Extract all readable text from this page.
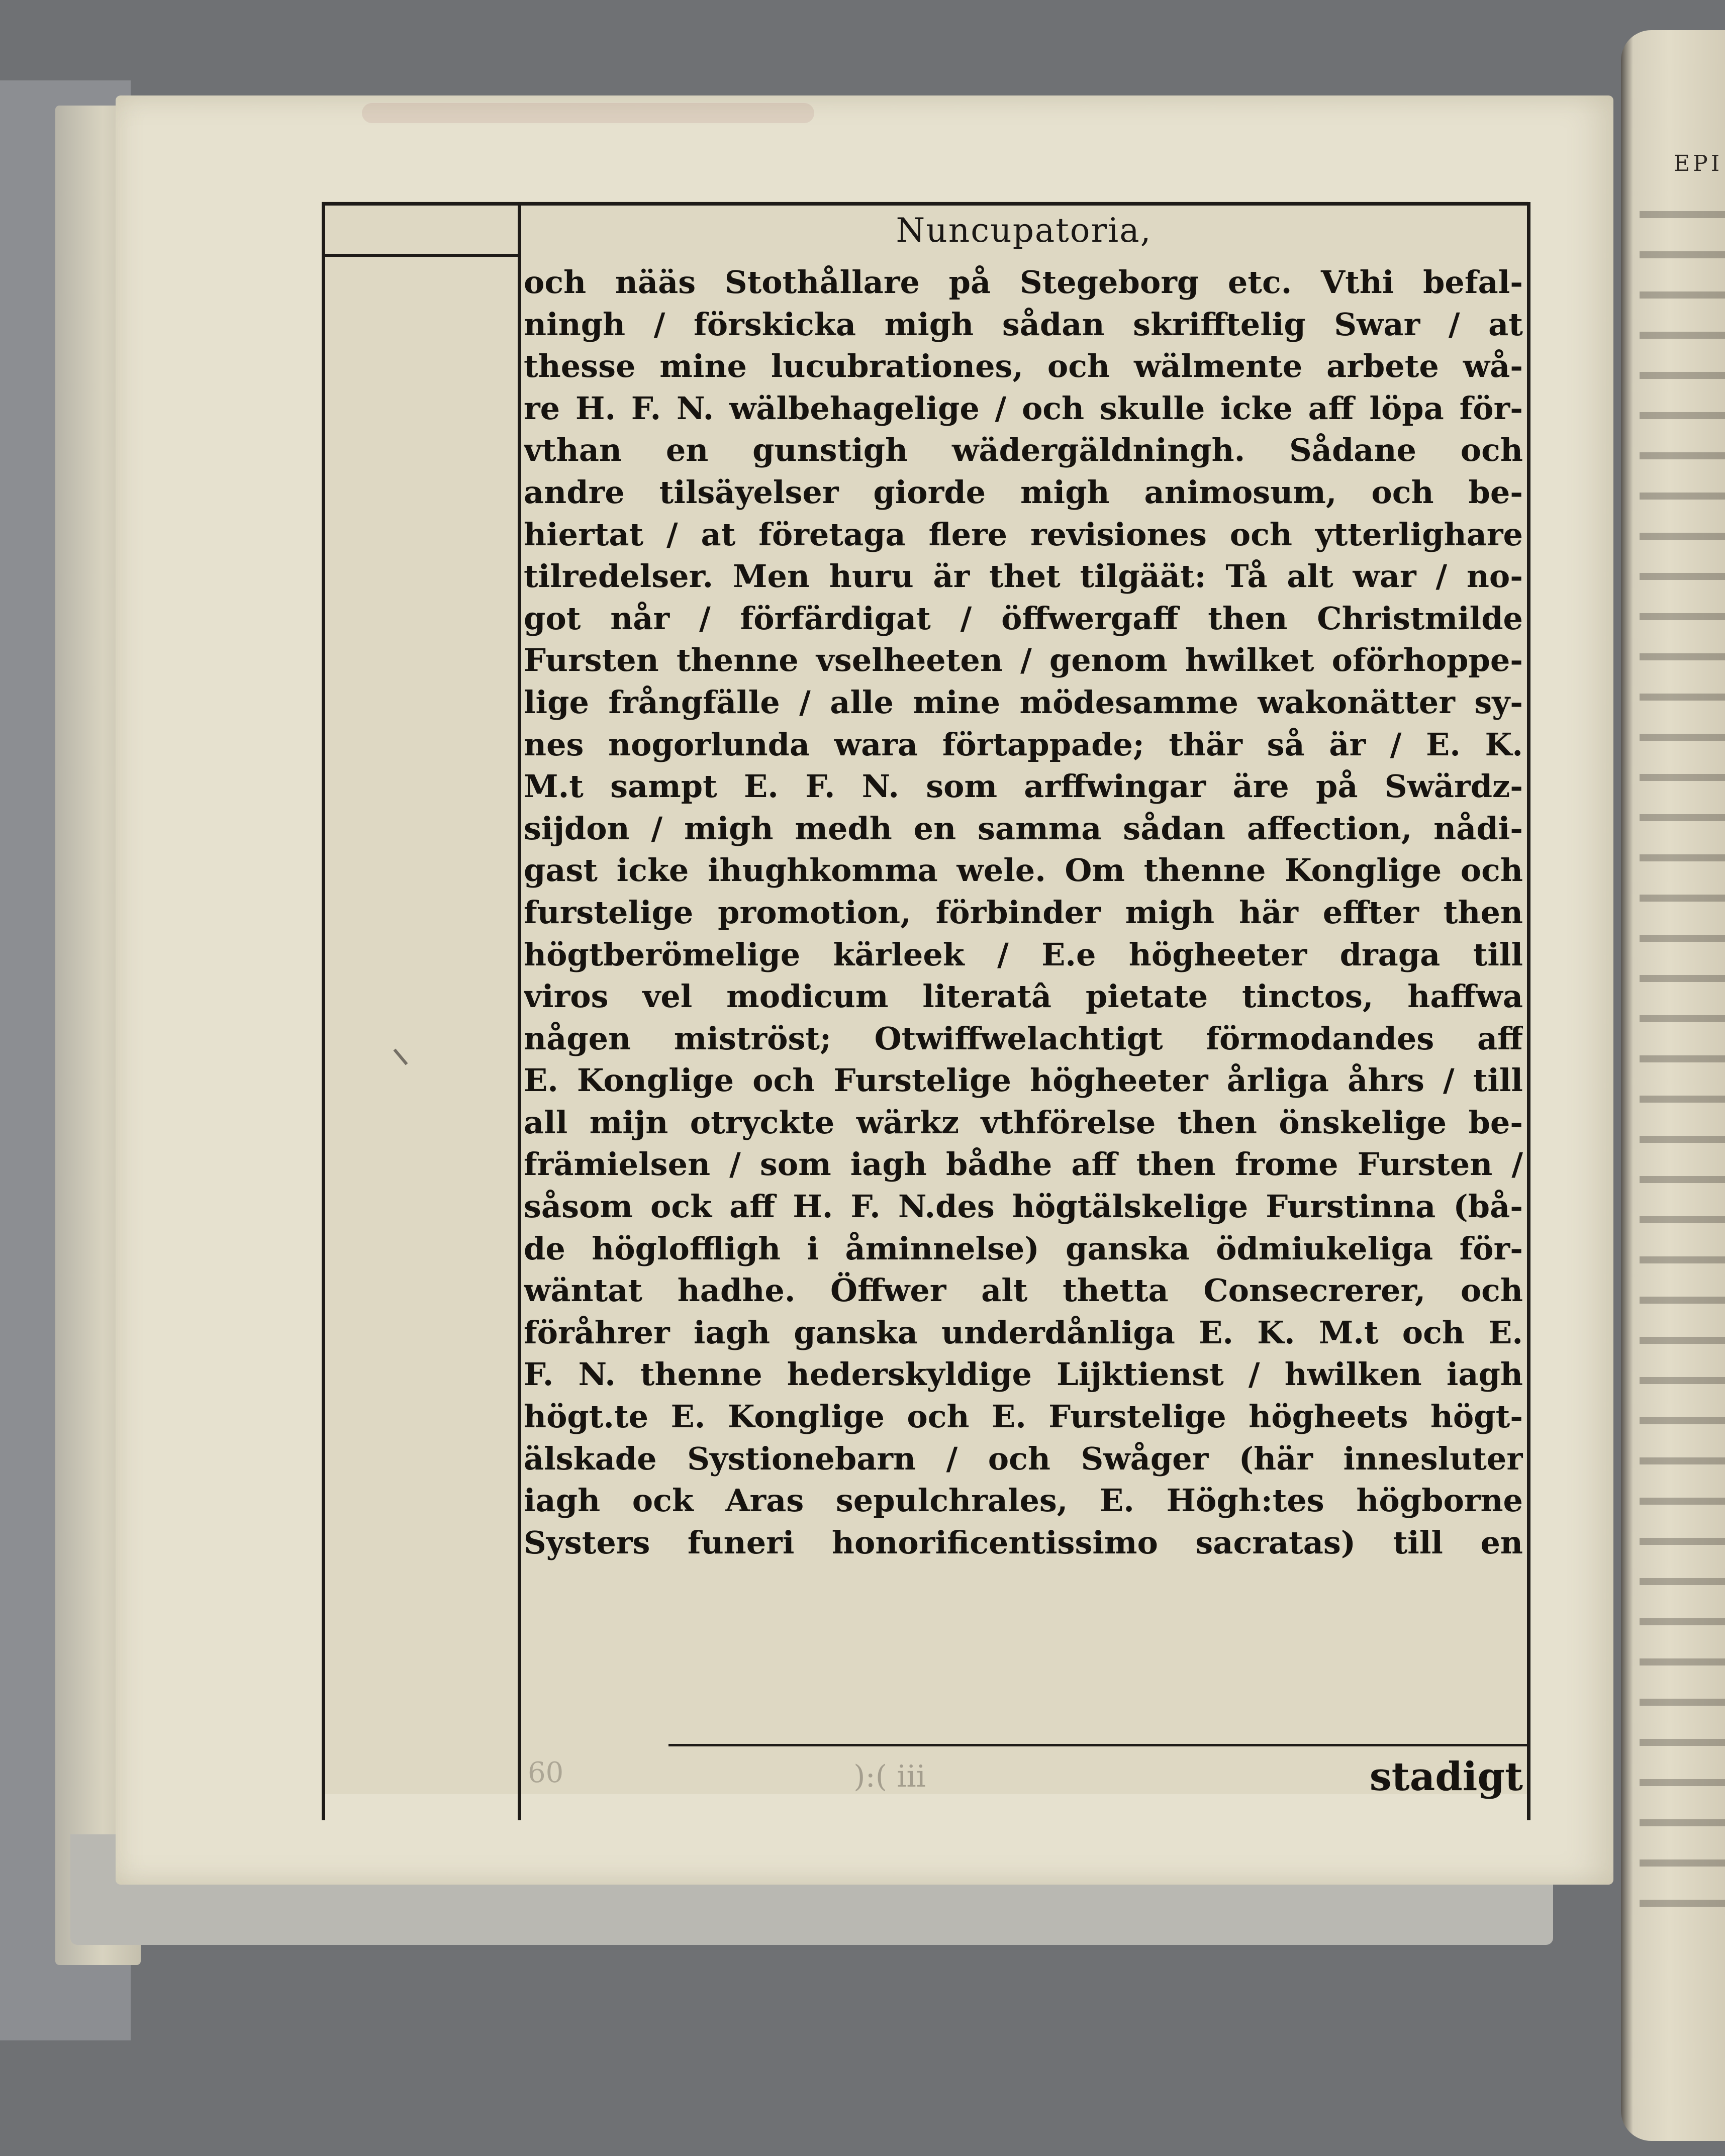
EPI
Nuncupatoria,
och nääs Stothållare på Stegeborg etc. Vthi befal-
ningh / förskicka migh sådan skrifftelig Swar / at
thesse mine lucubrationes, och wälmente arbete wå-
re H. F. N. wälbehagelige / och skulle icke aff löpa för-
vthan en gunstigh wädergäldningh. Sådane och
andre tilsäyelser giorde migh animosum, och be-
hiertat / at företaga flere revisiones och ytterlighare
tilredelser. Men huru är thet tilgäät: Tå alt war / no-
got når / förfärdigat / öffwergaff then Christmilde
Fursten thenne vselheeten / genom hwilket oförhoppe-
lige frångfälle / alle mine mödesamme wakonätter sy-
nes nogorlunda wara förtappade; thär så är / E. K.
M.t sampt E. F. N. som arffwingar äre på Swärdz-
sijdon / migh medh en samma sådan affection, nådi-
gast icke ihughkomma wele. Om thenne Konglige och
furstelige promotion, förbinder migh här effter then
högtberömelige kärleek / E.e högheeter draga till
viros vel modicum literatâ pietate tinctos, haffwa
någen miströst; Otwiffwelachtigt förmodandes aff
E. Konglige och Furstelige högheeter årliga åhrs / till
all mijn otryckte wärkz vthförelse then önskelige be-
främielsen / som iagh bådhe aff then frome Fursten /
såsom ock aff H. F. N.des högtälskelige Furstinna (bå-
de högloffligh i åminnelse) ganska ödmiukeliga för-
wäntat hadhe. Öffwer alt thetta Consecrerer, och
föråhrer iagh ganska underdånliga E. K. M.t och E.
F. N. thenne hederskyldige Lijktienst / hwilken iagh
högt.te E. Konglige och E. Furstelige högheets högt-
älskade Systionebarn / och Swåger (här innesluter
iagh ock Aras sepulchrales, E. Högh:tes högborne
Systers funeri honorificentissimo sacratas) till en
60	):( iii	stadigt
